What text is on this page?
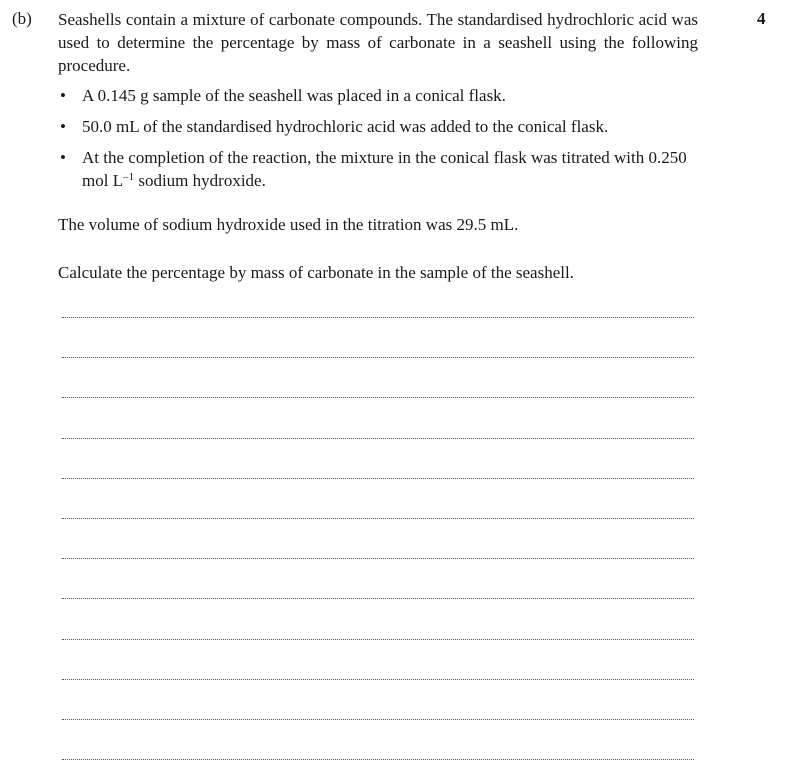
(b)	4

Seashells contain a mixture of carbonate compounds. The standardised hydrochloric acid was used to determine the percentage by mass of carbonate in a seashell using the following procedure.

• A 0.145 g sample of the seashell was placed in a conical flask.
• 50.0 mL of the standardised hydrochloric acid was added to the conical flask.
• At the completion of the reaction, the mixture in the conical flask was titrated with 0.250 mol $L^{-1}$ sodium hydroxide.

The volume of sodium hydroxide used in the titration was 29.5 mL.

Calculate the percentage by mass of carbonate in the sample of the seashell.
